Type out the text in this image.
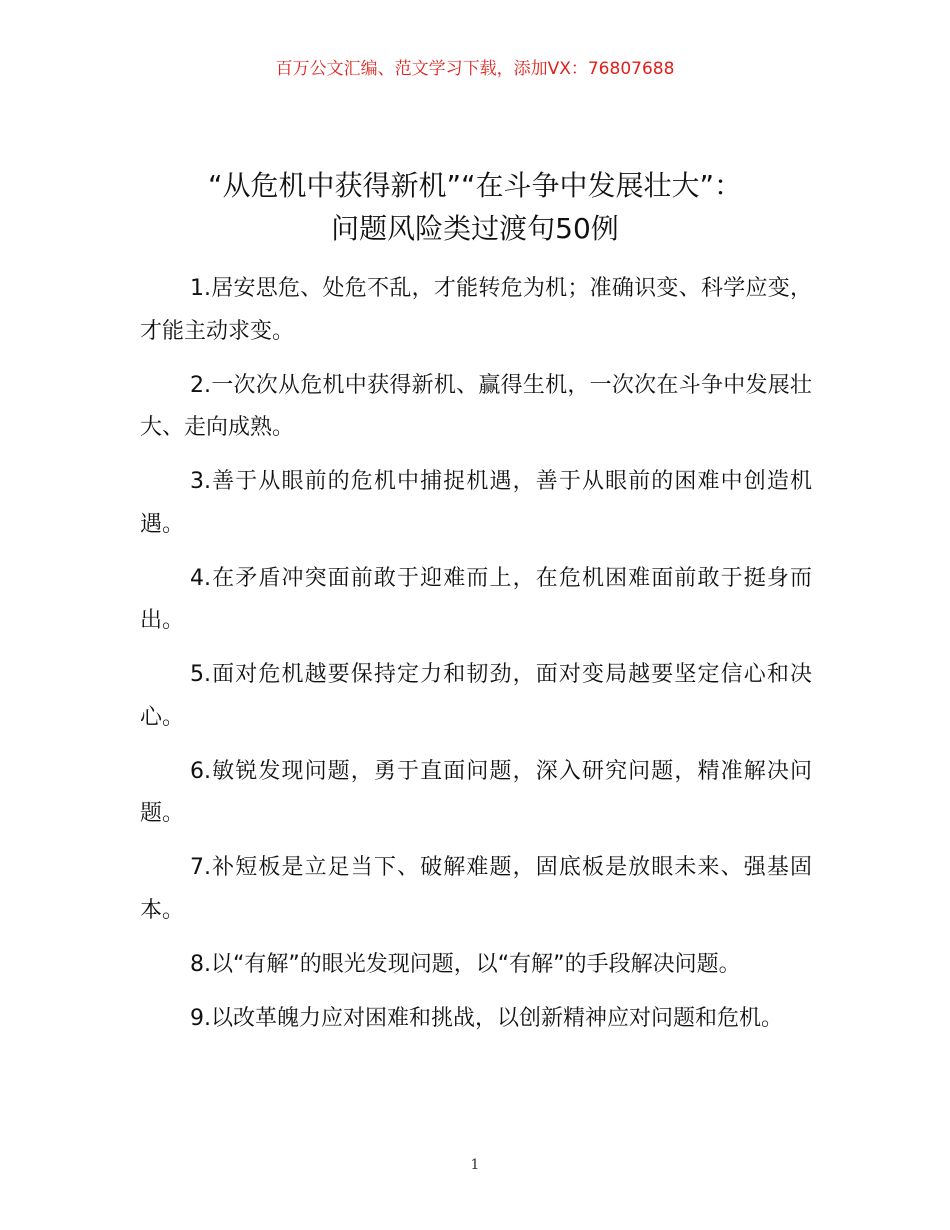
百万公文汇编、范文学习下载，添加VX：76807688
“从危机中获得新机”“在斗争中发展壮大”：
问题风险类过渡句50例

1.居安思危、处危不乱，才能转危为机；准确识变、科学应变，才能主动求变。

2.一次次从危机中获得新机、赢得生机，一次次在斗争中发展壮大、走向成熟。

3.善于从眼前的危机中捕捉机遇，善于从眼前的困难中创造机遇。

4.在矛盾冲突面前敢于迎难而上，在危机困难面前敢于挺身而出。

5.面对危机越要保持定力和韧劲，面对变局越要坚定信心和决心。

6.敏锐发现问题，勇于直面问题，深入研究问题，精准解决问题。

7.补短板是立足当下、破解难题，固底板是放眼未来、强基固本。

8.以“有解”的眼光发现问题，以“有解”的手段解决问题。

9.以改革魄力应对困难和挑战，以创新精神应对问题和危机。

1
